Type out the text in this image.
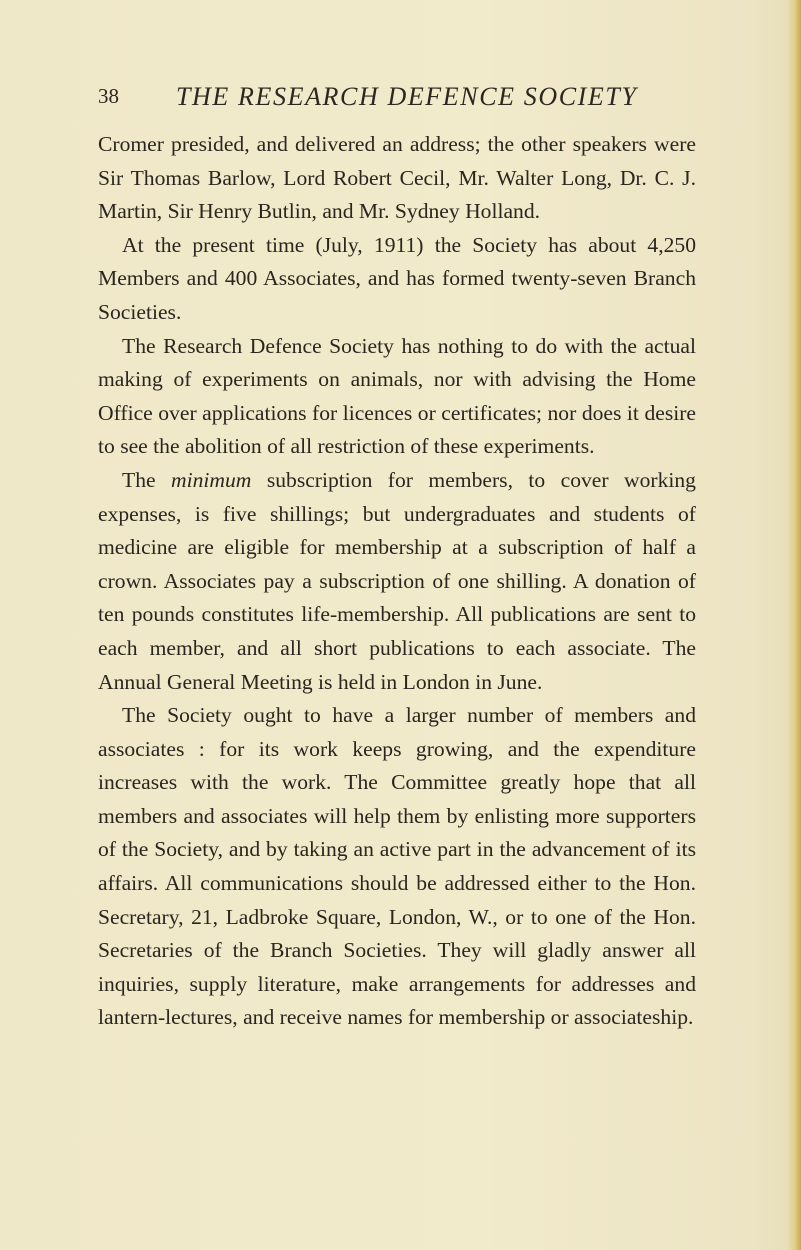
38 THE RESEARCH DEFENCE SOCIETY

Cromer presided, and delivered an address; the other speakers were Sir Thomas Barlow, Lord Robert Cecil, Mr. Walter Long, Dr. C. J. Martin, Sir Henry Butlin, and Mr. Sydney Holland.

At the present time (July, 1911) the Society has about 4,250 Members and 400 Associates, and has formed twenty-seven Branch Societies.

The Research Defence Society has nothing to do with the actual making of experiments on animals, nor with advising the Home Office over applications for licences or certificates; nor does it desire to see the abolition of all restriction of these experiments.

The minimum subscription for members, to cover working expenses, is five shillings; but undergraduates and students of medicine are eligible for membership at a subscription of half a crown. Associates pay a subscription of one shilling. A donation of ten pounds constitutes life-membership. All publications are sent to each member, and all short publications to each associate. The Annual General Meeting is held in London in June.

The Society ought to have a larger number of members and associates : for its work keeps growing, and the expenditure increases with the work. The Committee greatly hope that all members and associates will help them by enlisting more supporters of the Society, and by taking an active part in the advancement of its affairs. All communications should be addressed either to the Hon. Secretary, 21, Ladbroke Square, London, W., or to one of the Hon. Secretaries of the Branch Societies. They will gladly answer all inquiries, supply literature, make arrangements for addresses and lantern-lectures, and receive names for membership or associateship.
